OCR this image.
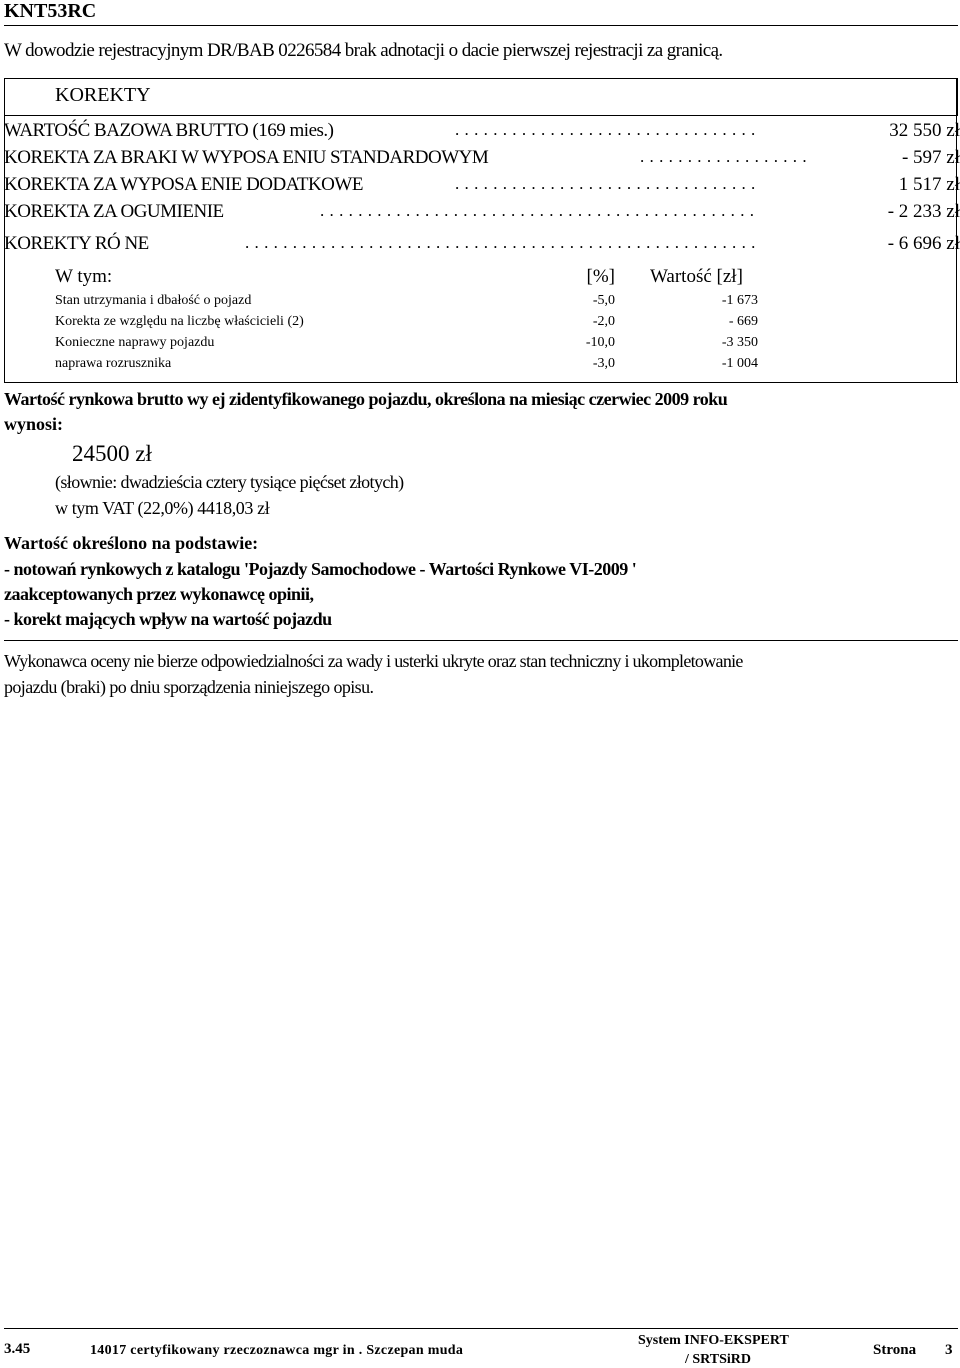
KNT53RC
W dowodzie rejestracyjnym DR/BAB 0226584 brak adnotacji o dacie pierwszej rejestracji za granicą.
KOREKTY
WARTOŚĆ BAZOWA BRUTTO (169 mies.)	................................	32 550 zł
KOREKTA ZA BRAKI W WYPOSA ENIU STANDARDOWYM	..................	- 597 zł
KOREKTA ZA WYPOSA ENIE DODATKOWE	................................	1 517 zł
KOREKTA ZA OGUMIENIE	..............................................	- 2 233 zł
KOREKTY RÓ NE	......................................................	- 6 696 zł
W tym:	[%] Wartość [zł]
Stan utrzymania i dbałość o pojazd	-5,0	-1 673
Korekta ze względu na liczbę właścicieli (2)	-2,0	- 669
Konieczne naprawy pojazdu	-10,0	-3 350
naprawa rozrusznika	-3,0	-1 004
Wartość rynkowa brutto wy ej zidentyfikowanego pojazdu, określona na miesiąc czerwiec 2009 roku
wynosi:
24500 zł
(słownie: dwadzieścia cztery tysiące pięćset złotych)
w tym VAT (22,0%) 4418,03 zł
Wartość określono na podstawie:
- notowań rynkowych z katalogu 'Pojazdy Samochodowe - Wartości Rynkowe VI-2009 '
zaakceptowanych przez wykonawcę opinii,
- korekt mających wpływ na wartość pojazdu
Wykonawca oceny nie bierze odpowiedzialności za wady i usterki ukryte oraz stan techniczny i ukompletowanie
pojazdu (braki) po dniu sporządzenia niniejszego opisu.
3.45	14017 certyfikowany rzeczoznawca mgr in . Szczepan muda
System INFO-EKSPERT
/ SRTSiRD
Strona 3
